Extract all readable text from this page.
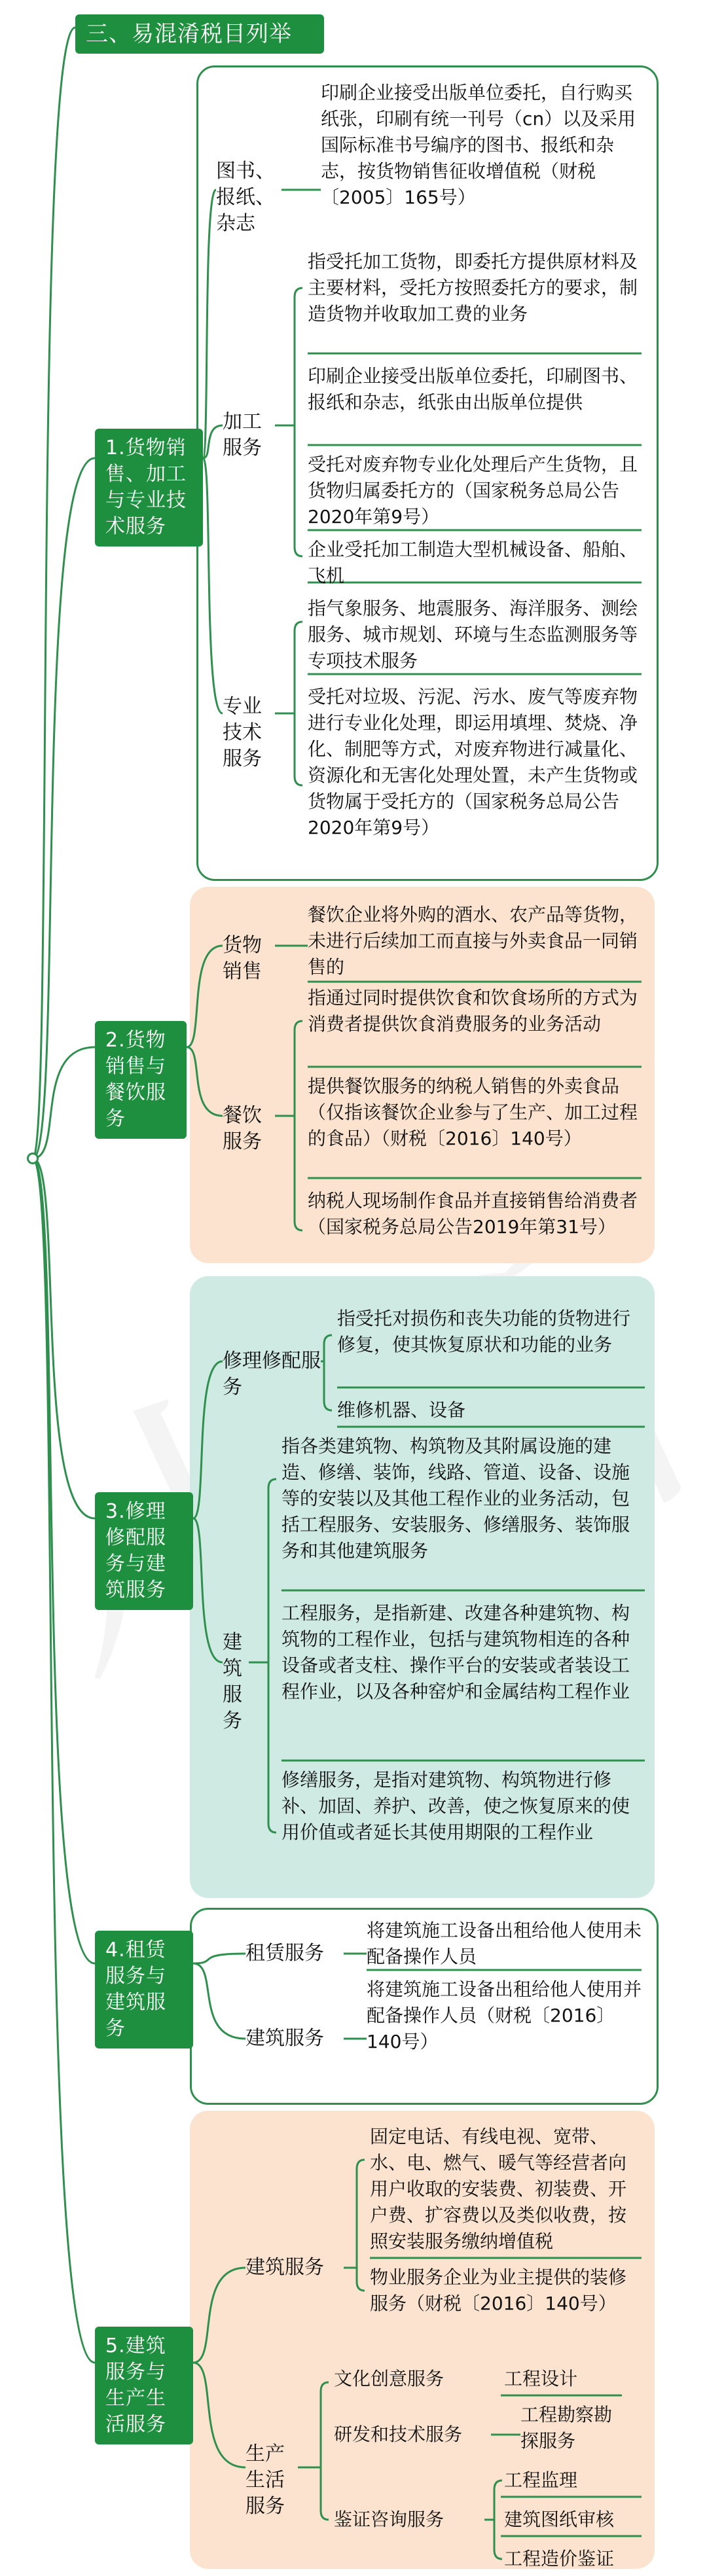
三、易混淆税目列举
1.货物销售、加工与专业技术服务
图书、报纸、杂志
印刷企业接受出版单位委托，自行购买纸张，印刷有统一刊号（cn）以及采用国际标准书号编序的图书、报纸和杂志，按货物销售征收增值税（财税〔2005〕165号）
加工服务
指受托加工货物，即委托方提供原材料及主要材料，受托方按照委托方的要求，制造货物并收取加工费的业务
印刷企业接受出版单位委托，印刷图书、报纸和杂志，纸张由出版单位提供
受托对废弃物专业化处理后产生货物，且货物归属委托方的（国家税务总局公告2020年第9号）
企业受托加工制造大型机械设备、船舶、飞机
专业技术服务
指气象服务、地震服务、海洋服务、测绘服务、城市规划、环境与生态监测服务等专项技术服务
受托对垃圾、污泥、污水、废气等废弃物进行专业化处理，即运用填埋、焚烧、净化、制肥等方式，对废弃物进行减量化、资源化和无害化处理处置，未产生货物或货物属于受托方的（国家税务总局公告2020年第9号）
2.货物销售与餐饮服务
货物销售
餐饮企业将外购的酒水、农产品等货物，未进行后续加工而直接与外卖食品一同销售的
餐饮服务
指通过同时提供饮食和饮食场所的方式为消费者提供饮食消费服务的业务活动
提供餐饮服务的纳税人销售的外卖食品（仅指该餐饮企业参与了生产、加工过程的食品）（财税〔2016〕140号）
纳税人现场制作食品并直接销售给消费者（国家税务总局公告2019年第31号）
3.修理修配服务与建筑服务
修理修配服务
指受托对损伤和丧失功能的货物进行修复，使其恢复原状和功能的业务
维修机器、设备
建筑服务
指各类建筑物、构筑物及其附属设施的建造、修缮、装饰，线路、管道、设备、设施等的安装以及其他工程作业的业务活动，包括工程服务、安装服务、修缮服务、装饰服务和其他建筑服务
工程服务，是指新建、改建各种建筑物、构筑物的工程作业，包括与建筑物相连的各种设备或者支柱、操作平台的安装或者装设工程作业，以及各种窑炉和金属结构工程作业
修缮服务，是指对建筑物、构筑物进行修补、加固、养护、改善，使之恢复原来的使用价值或者延长其使用期限的工程作业
4.租赁服务与建筑服务
租赁服务
将建筑施工设备出租给他人使用未配备操作人员
建筑服务
将建筑施工设备出租给他人使用并配备操作人员（财税〔2016〕140号）
5.建筑服务与生产生活服务
建筑服务
固定电话、有线电视、宽带、水、电、燃气、暖气等经营者向用户收取的安装费、初装费、开户费、扩容费以及类似收费，按照安装服务缴纳增值税
物业服务企业为业主提供的装修服务（财税〔2016〕140号）
生产生活服务
文化创意服务	工程设计
研发和技术服务
工程勘察勘探服务
鉴证咨询服务
工程监理
建筑图纸审核
工程造价鉴证
